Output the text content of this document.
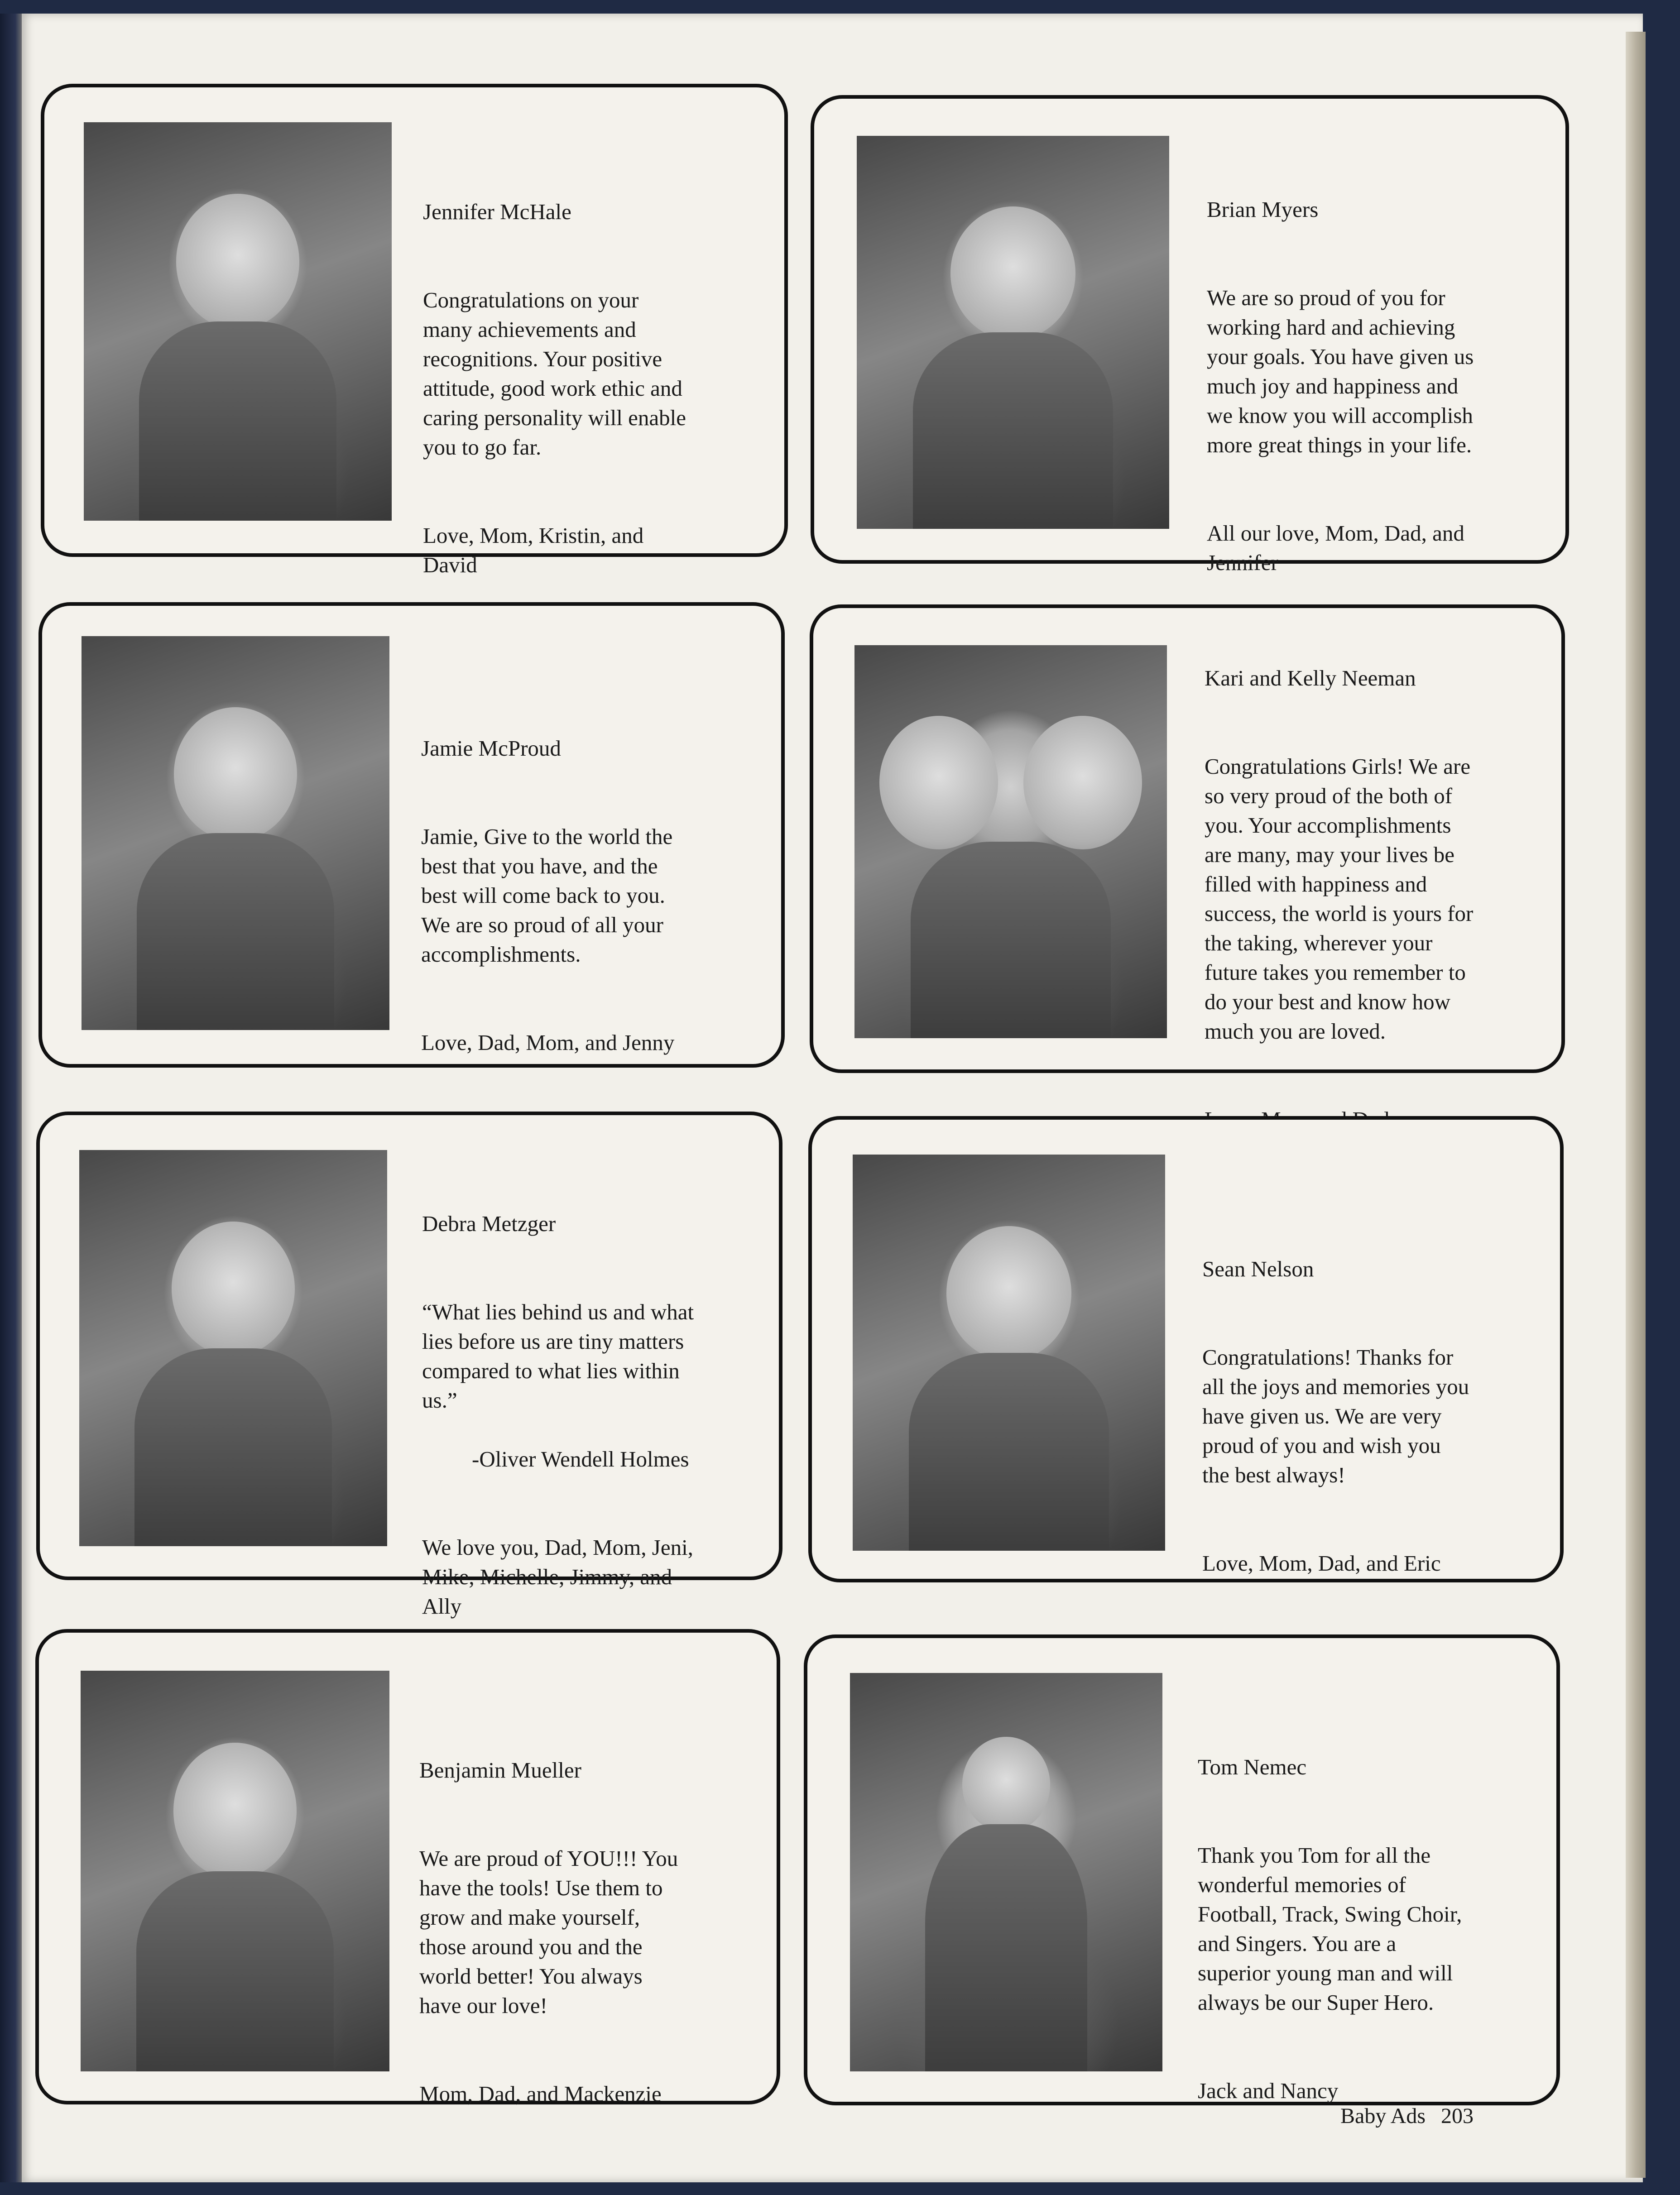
Jennifer McHale

Congratulations on your
many achievements and
recognitions. Your positive
attitude, good work ethic and
caring personality will enable
you to go far.

Love, Mom, Kristin, and
David

Brian Myers

We are so proud of you for
working hard and achieving
your goals. You have given us
much joy and happiness and
we know you will accomplish
more great things in your life.

All our love, Mom, Dad, and
Jennifer

Jamie McProud

Jamie, Give to the world the
best that you have, and the
best will come back to you.
We are so proud of all your
accomplishments.

Love, Dad, Mom, and Jenny

Kari and Kelly Neeman

Congratulations Girls! We are
so very proud of the both of
you. Your accomplishments
are many, may your lives be
filled with happiness and
success, the world is yours for
the taking, wherever your
future takes you remember to
do your best and know how
much you are loved.

Debra Metzger

“What lies behind us and what
lies before us are tiny matters
compared to what lies within
us.”

-Oliver Wendell Holmes

We love you, Dad, Mom, Jeni,
Mike, Michelle, Jimmy, and
Ally

Sean Nelson

Congratulations! Thanks for
all the joys and memories you
have given us. We are very
proud of you and wish you
the best always!

Love, Mom, Dad, and Eric

Benjamin Mueller

We are proud of YOU!!! You
have the tools! Use them to
grow and make yourself,
those around you and the
world better! You always
have our love!

Mom, Dad, and Mackenzie

Tom Nemec

Thank you Tom for all the
wonderful memories of
Football, Track, Swing Choir,
and Singers. You are a
superior young man and will
always be our Super Hero.

Jack and Nancy

Baby Ads 203
